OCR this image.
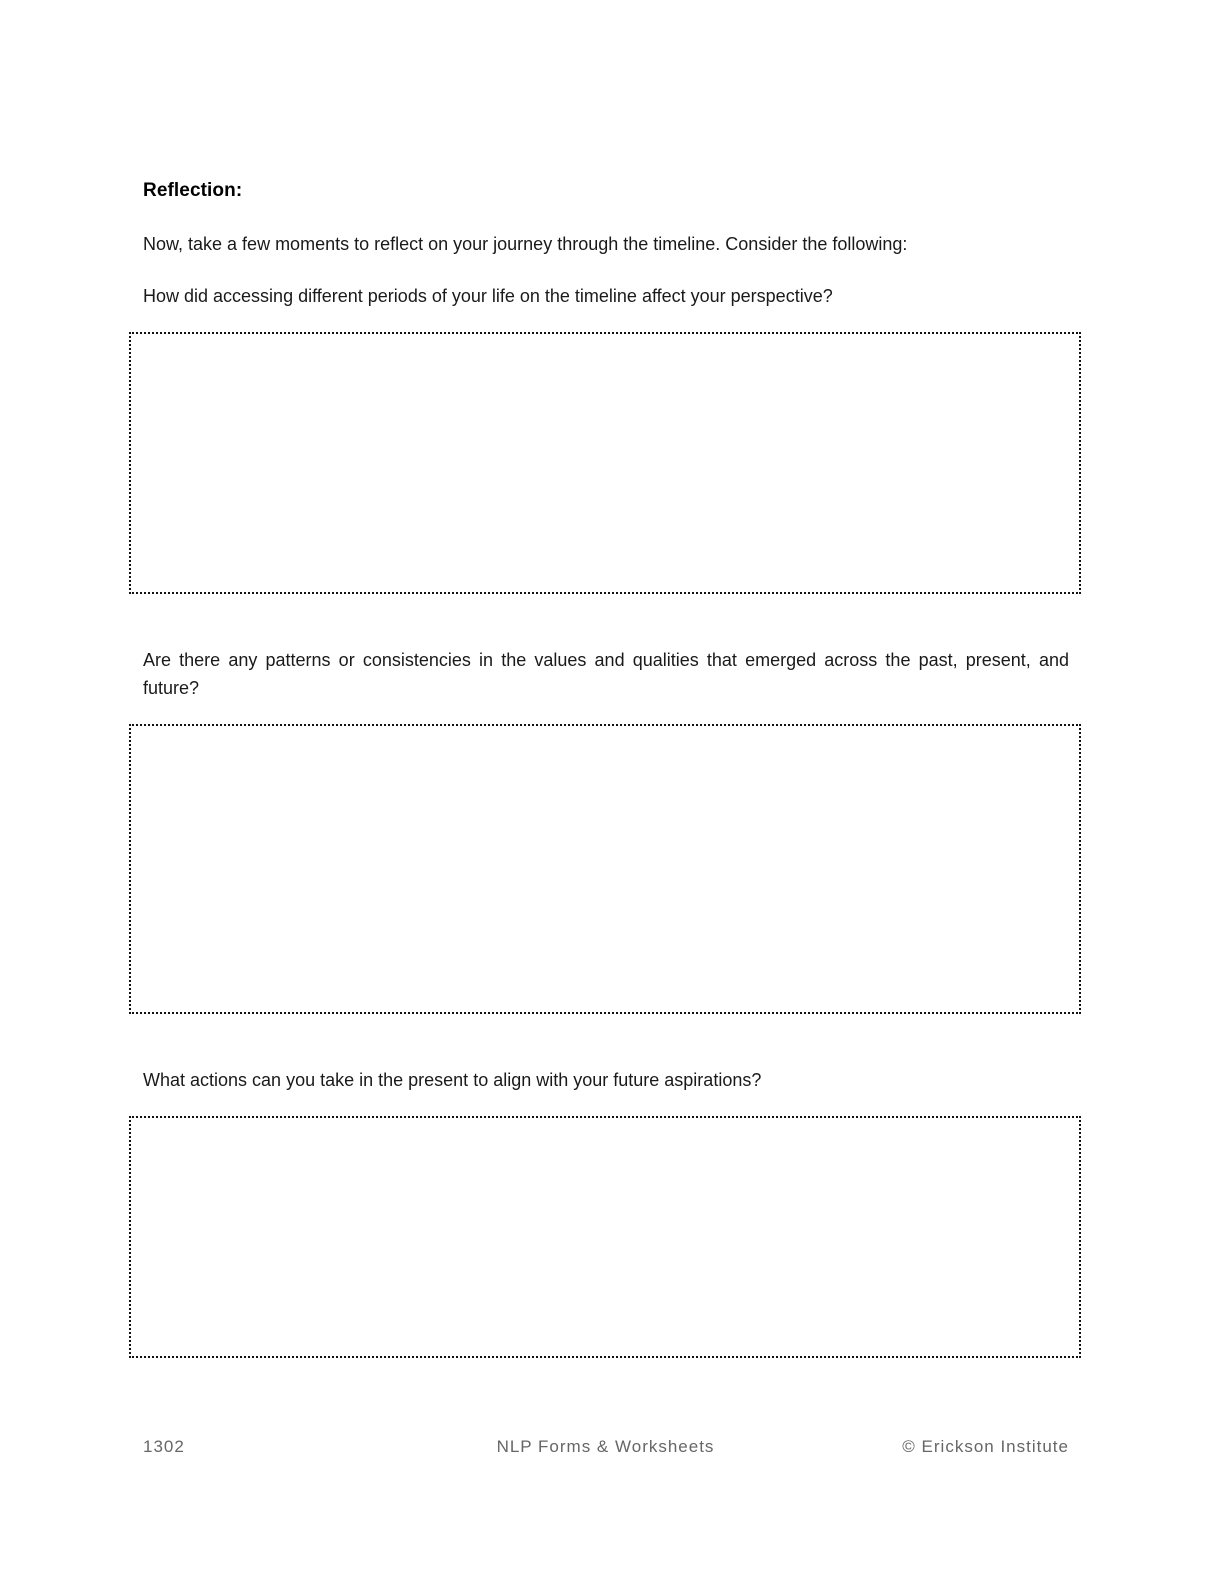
Reflection:
Now, take a few moments to reflect on your journey through the timeline. Consider the following:
How did accessing different periods of your life on the timeline affect your perspective?
Are there any patterns or consistencies in the values and qualities that emerged across the past, present, and future?
What actions can you take in the present to align with your future aspirations?
1302	NLP Forms & Worksheets	© Erickson Institute
